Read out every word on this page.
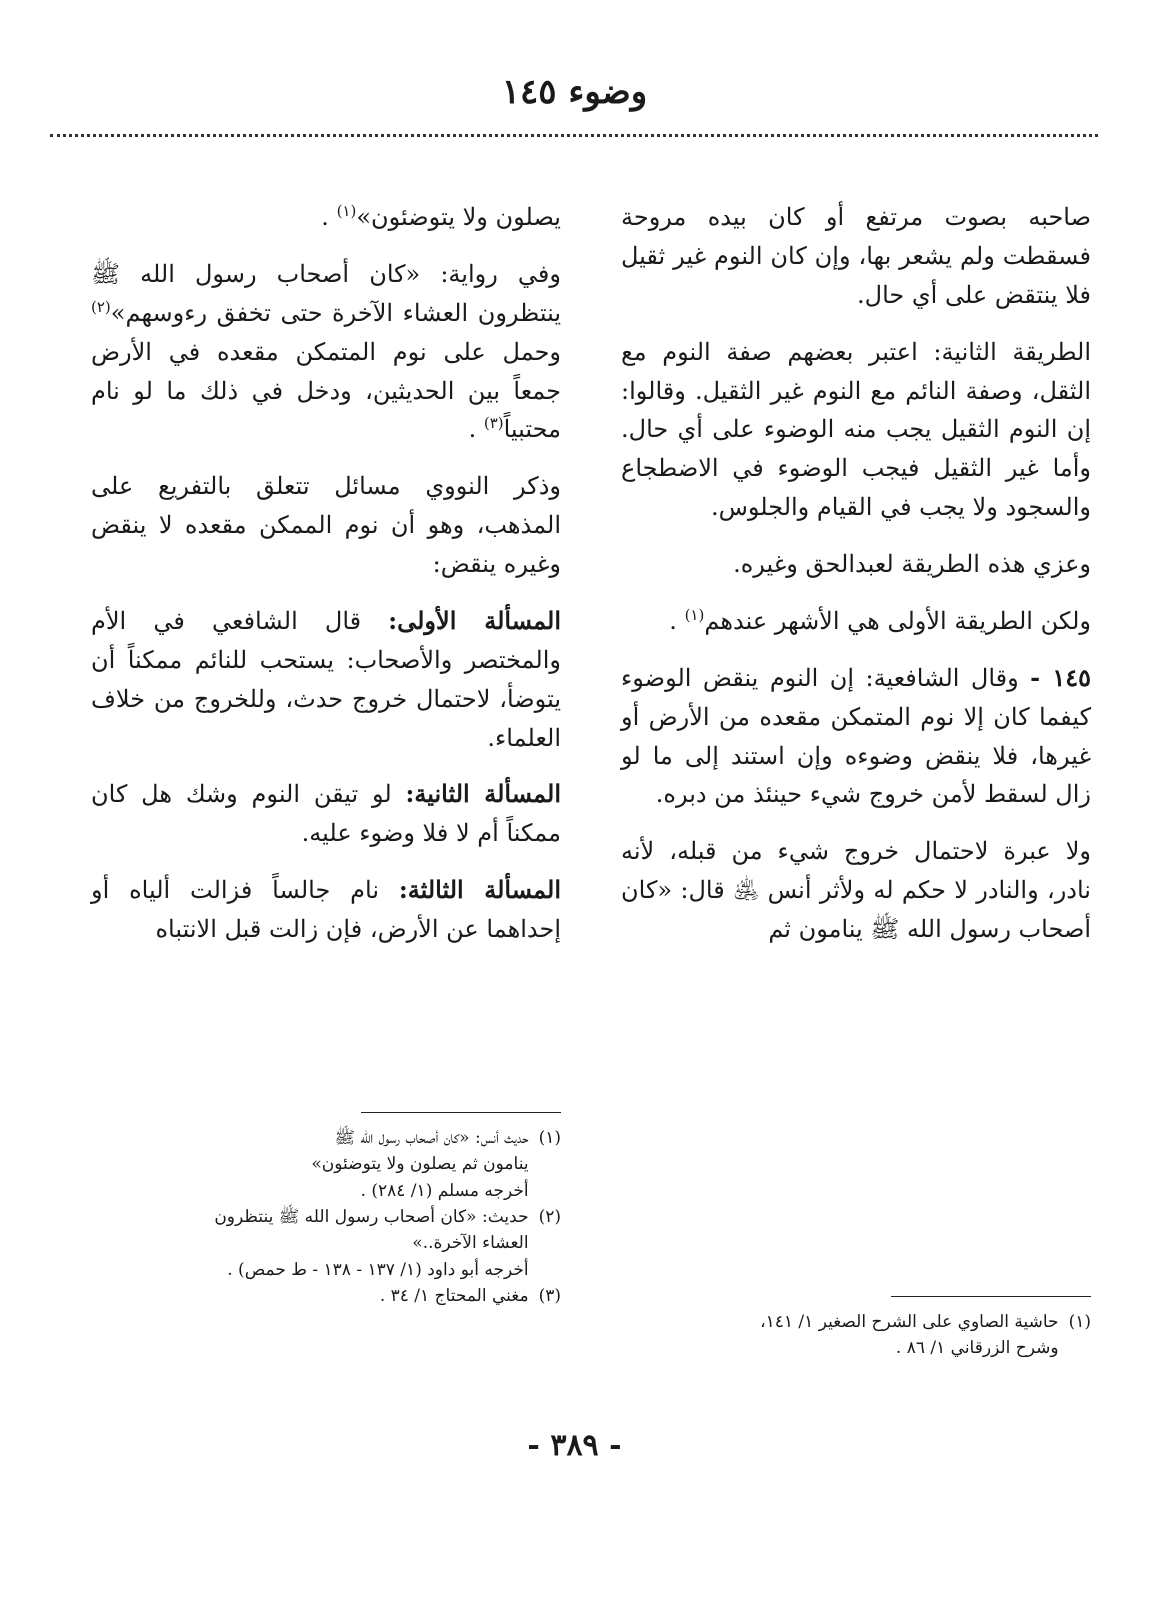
وضوء ١٤٥

صاحبه بصوت مرتفع أو كان بيده مروحة فسقطت ولم يشعر بها، وإن كان النوم غير ثقيل فلا ينتقض على أي حال.

الطريقة الثانية: اعتبر بعضهم صفة النوم مع الثقل، وصفة النائم مع النوم غير الثقيل. وقالوا: إن النوم الثقيل يجب منه الوضوء على أي حال. وأما غير الثقيل فيجب الوضوء في الاضطجاع والسجود ولا يجب في القيام والجلوس.

وعزي هذه الطريقة لعبدالحق وغيره.

ولكن الطريقة الأولى هي الأشهر عندهم$^{(١)}$ .

١٤٥ - وقال الشافعية: إن النوم ينقض الوضوء كيفما كان إلا نوم المتمكن مقعده من الأرض أو غيرها، فلا ينقض وضوءه وإن استند إلى ما لو زال لسقط لأمن خروج شيء حينئذ من دبره.

ولا عبرة لاحتمال خروج شيء من قبله، لأنه نادر، والنادر لا حكم له ولأثر أنس ﵁ قال: «كان أصحاب رسول الله ﷺ ينامون ثم

يصلون ولا يتوضئون»$^{(١)}$ .

وفي رواية: «كان أصحاب رسول الله ﷺ ينتظرون العشاء الآخرة حتى تخفق رءوسهم»$^{(٢)}$ وحمل على نوم المتمكن مقعده في الأرض جمعاً بين الحديثين، ودخل في ذلك ما لو نام محتبياً$^{(٣)}$ .

وذكر النووي مسائل تتعلق بالتفريع على المذهب، وهو أن نوم الممكن مقعده لا ينقض وغيره ينقض:

المسألة الأولى: قال الشافعي في الأم والمختصر والأصحاب: يستحب للنائم ممكناً أن يتوضأ، لاحتمال خروج حدث، وللخروج من خلاف العلماء.

المسألة الثانية: لو تيقن النوم وشك هل كان ممكناً أم لا فلا وضوء عليه.

المسألة الثالثة: نام جالساً فزالت ألياه أو إحداهما عن الأرض، فإن زالت قبل الانتباه

(١)
حديث أنس: «كان أصحاب رسول الله ﷺ
ينامون ثم يصلون ولا يتوضئون»
أخرجه مسلم (١/ ٢٨٤) .
(٢)
حديث: «كان أصحاب رسول الله ﷺ ينتظرون
العشاء الآخرة..»
أخرجه أبو داود (١/ ١٣٧ - ١٣٨ - ط حمص) .
(٣)
مغني المحتاج ١/ ٣٤ .
(١)
حاشية الصاوي على الشرح الصغير ١/ ١٤١،
وشرح الزرقاني ١/ ٨٦ .
- ٣٨٩ -
